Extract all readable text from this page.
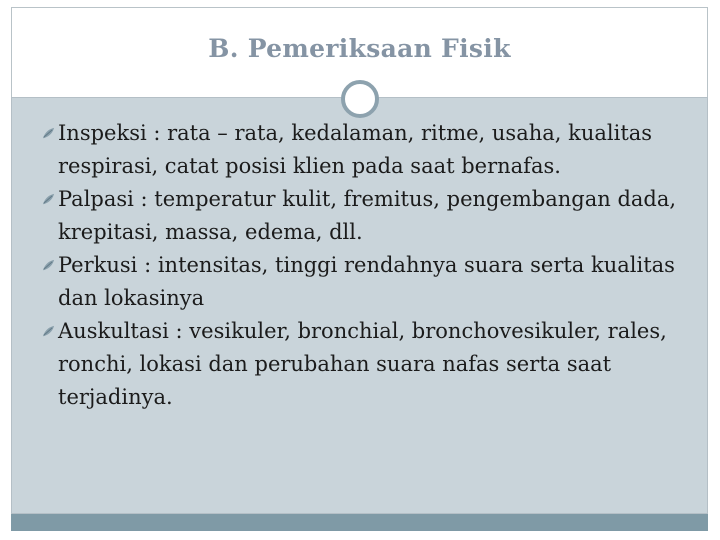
B. Pemeriksaan Fisik
Inspeksi : rata – rata, kedalaman, ritme, usaha, kualitas respirasi, catat posisi klien pada saat bernafas.
Palpasi : temperatur kulit, fremitus, pengembangan dada, krepitasi, massa, edema, dll.
Perkusi : intensitas, tinggi rendahnya suara serta kualitas dan lokasinya
Auskultasi : vesikuler, bronchial, bronchovesikuler, rales, ronchi, lokasi dan perubahan suara nafas serta saat terjadinya.
